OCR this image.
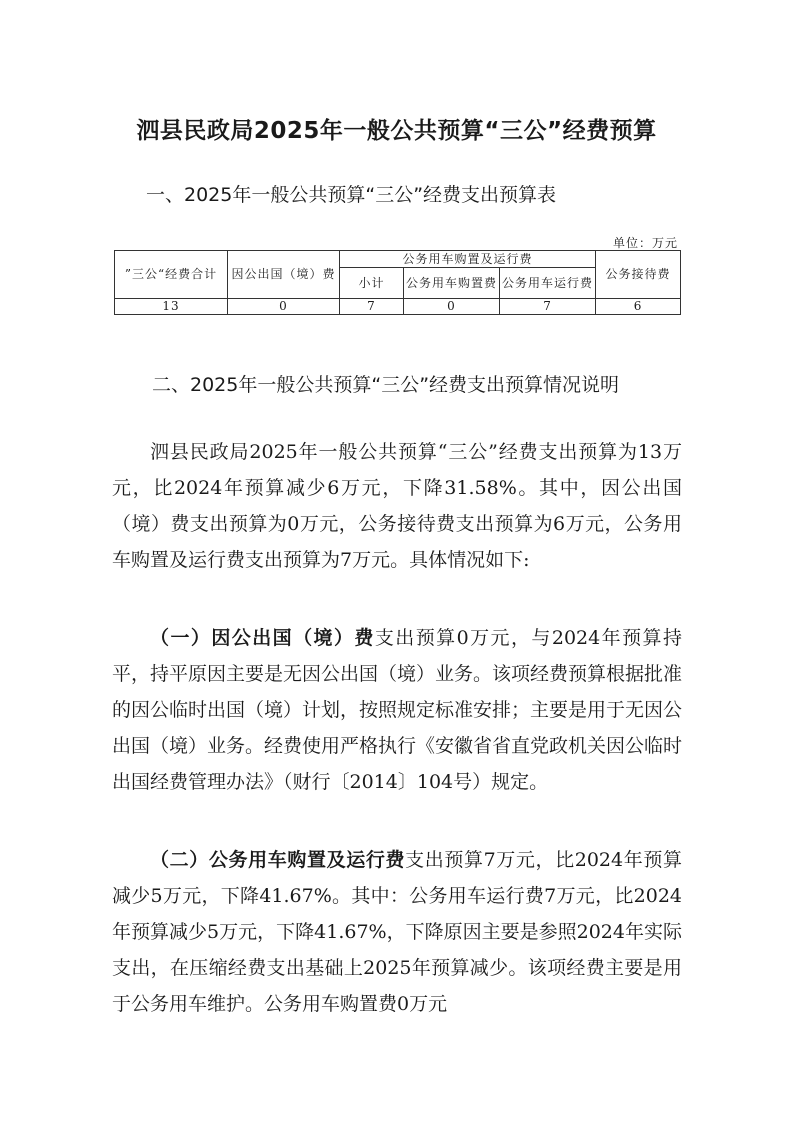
泗县民政局2025年一般公共预算“三公”经费预算
一、2025年一般公共预算“三公”经费支出预算表
单位：万元
”三公“经费合计	因公出国（境）费	公务用车购置及运行费			公务接待费
		小计	公务用车购置费	公务用车运行费	
13	0	7	0	7	6
二、2025年一般公共预算“三公”经费支出预算情况说明

泗县民政局2025年一般公共预算“三公”经费支出预算为13万元，比2024年预算减少6万元，下降31.58%。其中，因公出国（境）费支出预算为0万元，公务接待费支出预算为6万元，公务用车购置及运行费支出预算为7万元。具体情况如下:

（一）因公出国（境）费支出预算0万元，与2024年预算持平，持平原因主要是无因公出国（境）业务。该项经费预算根据批准的因公临时出国（境）计划，按照规定标准安排；主要是用于无因公出国（境）业务。经费使用严格执行《安徽省省直党政机关因公临时出国经费管理办法》（财行〔2014〕104号）规定。

（二）公务用车购置及运行费支出预算7万元，比2024年预算减少5万元，下降41.67%。其中：公务用车运行费7万元，比2024年预算减少5万元，下降41.67%，下降原因主要是参照2024年实际支出，在压缩经费支出基础上2025年预算减少。该项经费主要是用于公务用车维护。公务用车购置费0万元
